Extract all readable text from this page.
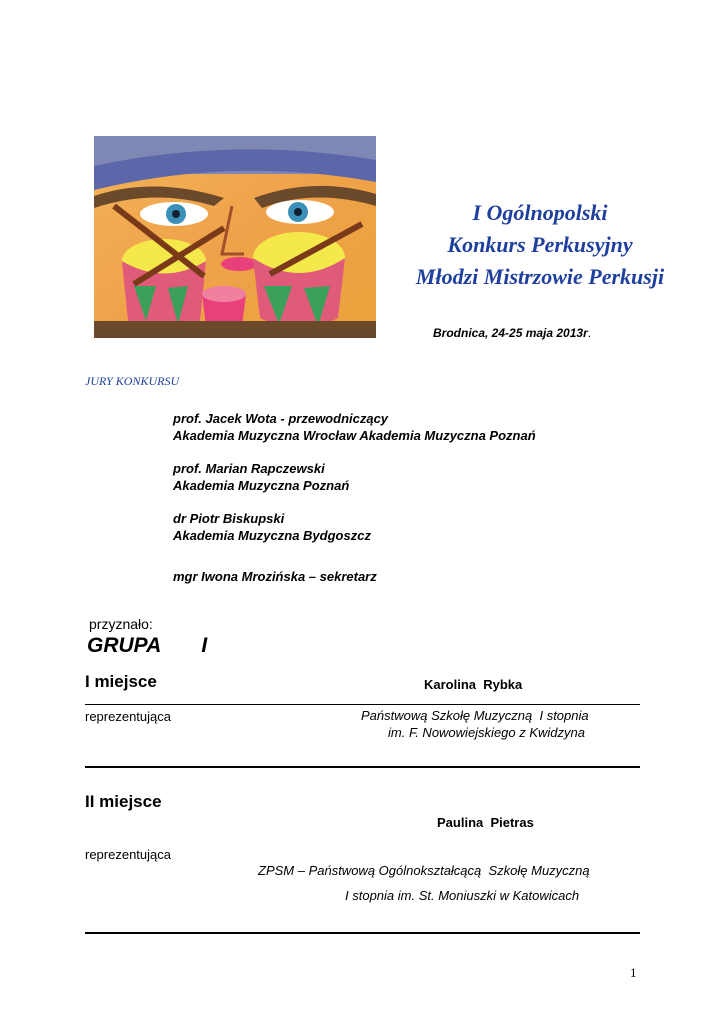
I Ogólnopolski
Konkurs Perkusyjny
Młodzi Mistrzowie Perkusji
Brodnica, 24-25 maja 2013r.
JURY KONKURSU
prof. Jacek Wota - przewodniczący
Akademia Muzyczna Wrocław Akademia Muzyczna Poznań
prof. Marian Rapczewski
Akademia Muzyczna Poznań
dr Piotr Biskupski
Akademia Muzyczna Bydgoszcz
mgr Iwona Mrozińska – sekretarz
przyznało:
GRUPA       I
I miejsce	Karolina  Rybka
reprezentująca	Państwową Szkołę Muzyczną  I stopnia
im. F. Nowowiejskiego z Kwidzyna
II miejsce
Paulina  Pietras
reprezentująca
ZPSM – Państwową Ogólnokształcącą  Szkołę Muzyczną
I stopnia im. St. Moniuszki w Katowicach
1
